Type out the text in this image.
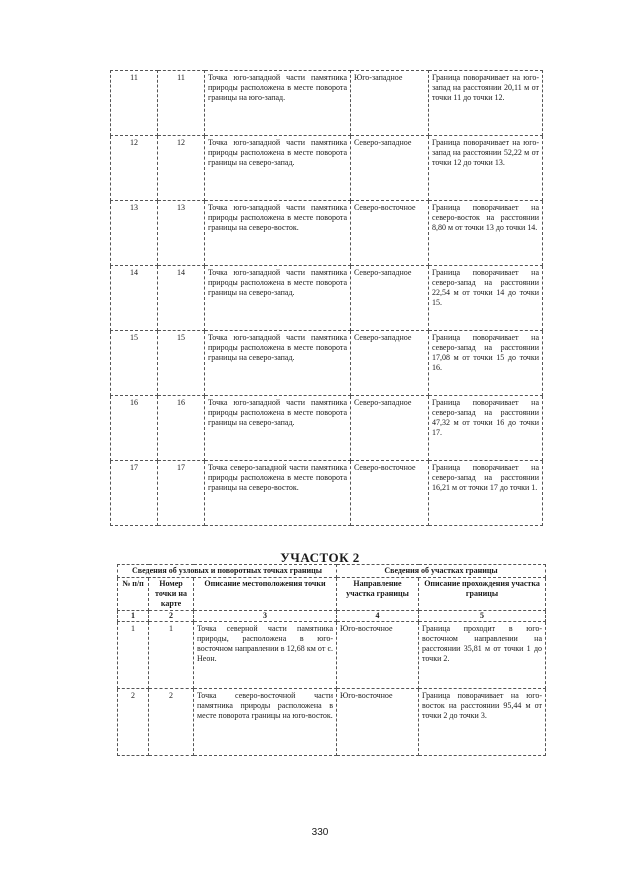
11	11	Точка юго-западной части памятника природы расположена в месте поворота границы на юго-запад.	Юго-западное	Граница поворачивает на юго-запад на расстоянии 20,11 м от точки 11 до точки 12.
12	12	Точка юго-западной части памятника природы расположена в месте поворота границы на северо-запад.	Северо-западное	Граница поворачивает на юго-запад на расстоянии 52,22 м от точки 12 до точки 13.
13	13	Точка юго-западной части памятника природы расположена в месте поворота границы на северо-восток.	Северо-восточное	Граница поворачивает на северо-восток на расстоянии 8,80 м от точки 13 до точки 14.
14	14	Точка юго-западной части памятника природы расположена в месте поворота границы на северо-запад.	Северо-западное	Граница поворачивает на северо-запад на расстоянии 22,54 м от точки 14 до точки 15.
15	15	Точка юго-западной части памятника природы расположена в месте поворота границы на северо-запад.	Северо-западное	Граница поворачивает на северо-запад на расстоянии 17,08 м от точки 15 до точки 16.
16	16	Точка юго-западной части памятника природы расположена в месте поворота границы на северо-запад.	Северо-западное	Граница поворачивает на северо-запад на расстоянии 47,32 м от точки 16 до точки 17.
17	17	Точка северо-западной части памятника природы расположена в месте поворота границы на северо-восток.	Северо-восточное	Граница поворачивает на северо-запад на расстоянии 16,21 м от точки 17 до точки 1.
УЧАСТОК 2
Сведения об узловых и поворотных точках границы			Сведения об участках границы	
№ п/п	Номер точки на карте	Описание местоположения точки	Направление участка границы	Описание прохождения участка границы
1	2	3	4	5
1	1	Точка северной части памятника природы, расположена в юго-восточном направлении в 12,68 км от с. Неон.	Юго-восточное	Граница проходит в юго-восточном направлении на расстоянии 35,81 м от точки 1 до точки 2.
2	2	Точка северо-восточной части памятника природы расположена в месте поворота границы на юго-восток.	Юго-восточное	Граница поворачивает на юго-восток на расстоянии 95,44 м от точки 2 до точки 3.
330
